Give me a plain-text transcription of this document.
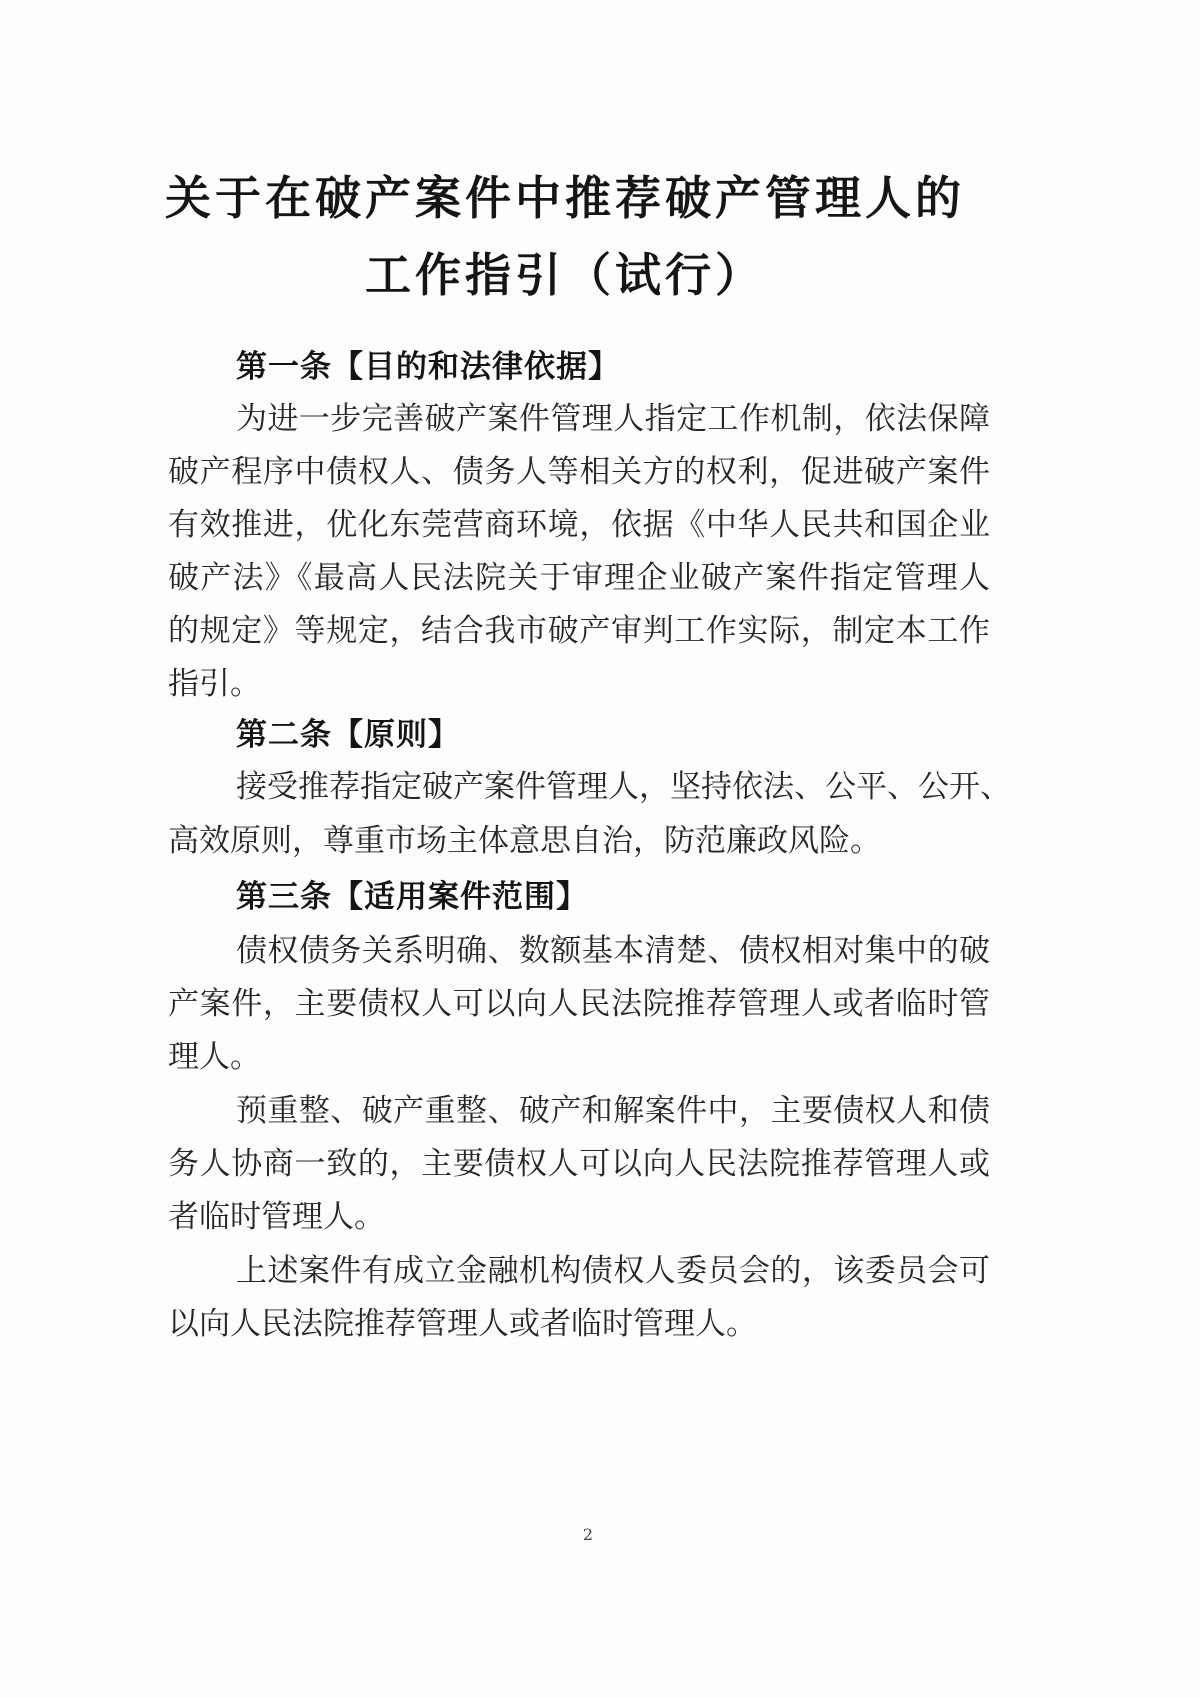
关于在破产案件中推荐破产管理人的
工作指引（试行）
第一条【目的和法律依据】
为进一步完善破产案件管理人指定工作机制，依法保障
破产程序中债权人、债务人等相关方的权利，促进破产案件
有效推进，优化东莞营商环境，依据《中华人民共和国企业
破产法》《最高人民法院关于审理企业破产案件指定管理人
的规定》等规定，结合我市破产审判工作实际，制定本工作
指引。
第二条【原则】
接受推荐指定破产案件管理人，坚持依法、公平、公开、
高效原则，尊重市场主体意思自治，防范廉政风险。
第三条【适用案件范围】
债权债务关系明确、数额基本清楚、债权相对集中的破
产案件，主要债权人可以向人民法院推荐管理人或者临时管
理人。
预重整、破产重整、破产和解案件中，主要债权人和债
务人协商一致的，主要债权人可以向人民法院推荐管理人或
者临时管理人。
上述案件有成立金融机构债权人委员会的，该委员会可
以向人民法院推荐管理人或者临时管理人。
2
